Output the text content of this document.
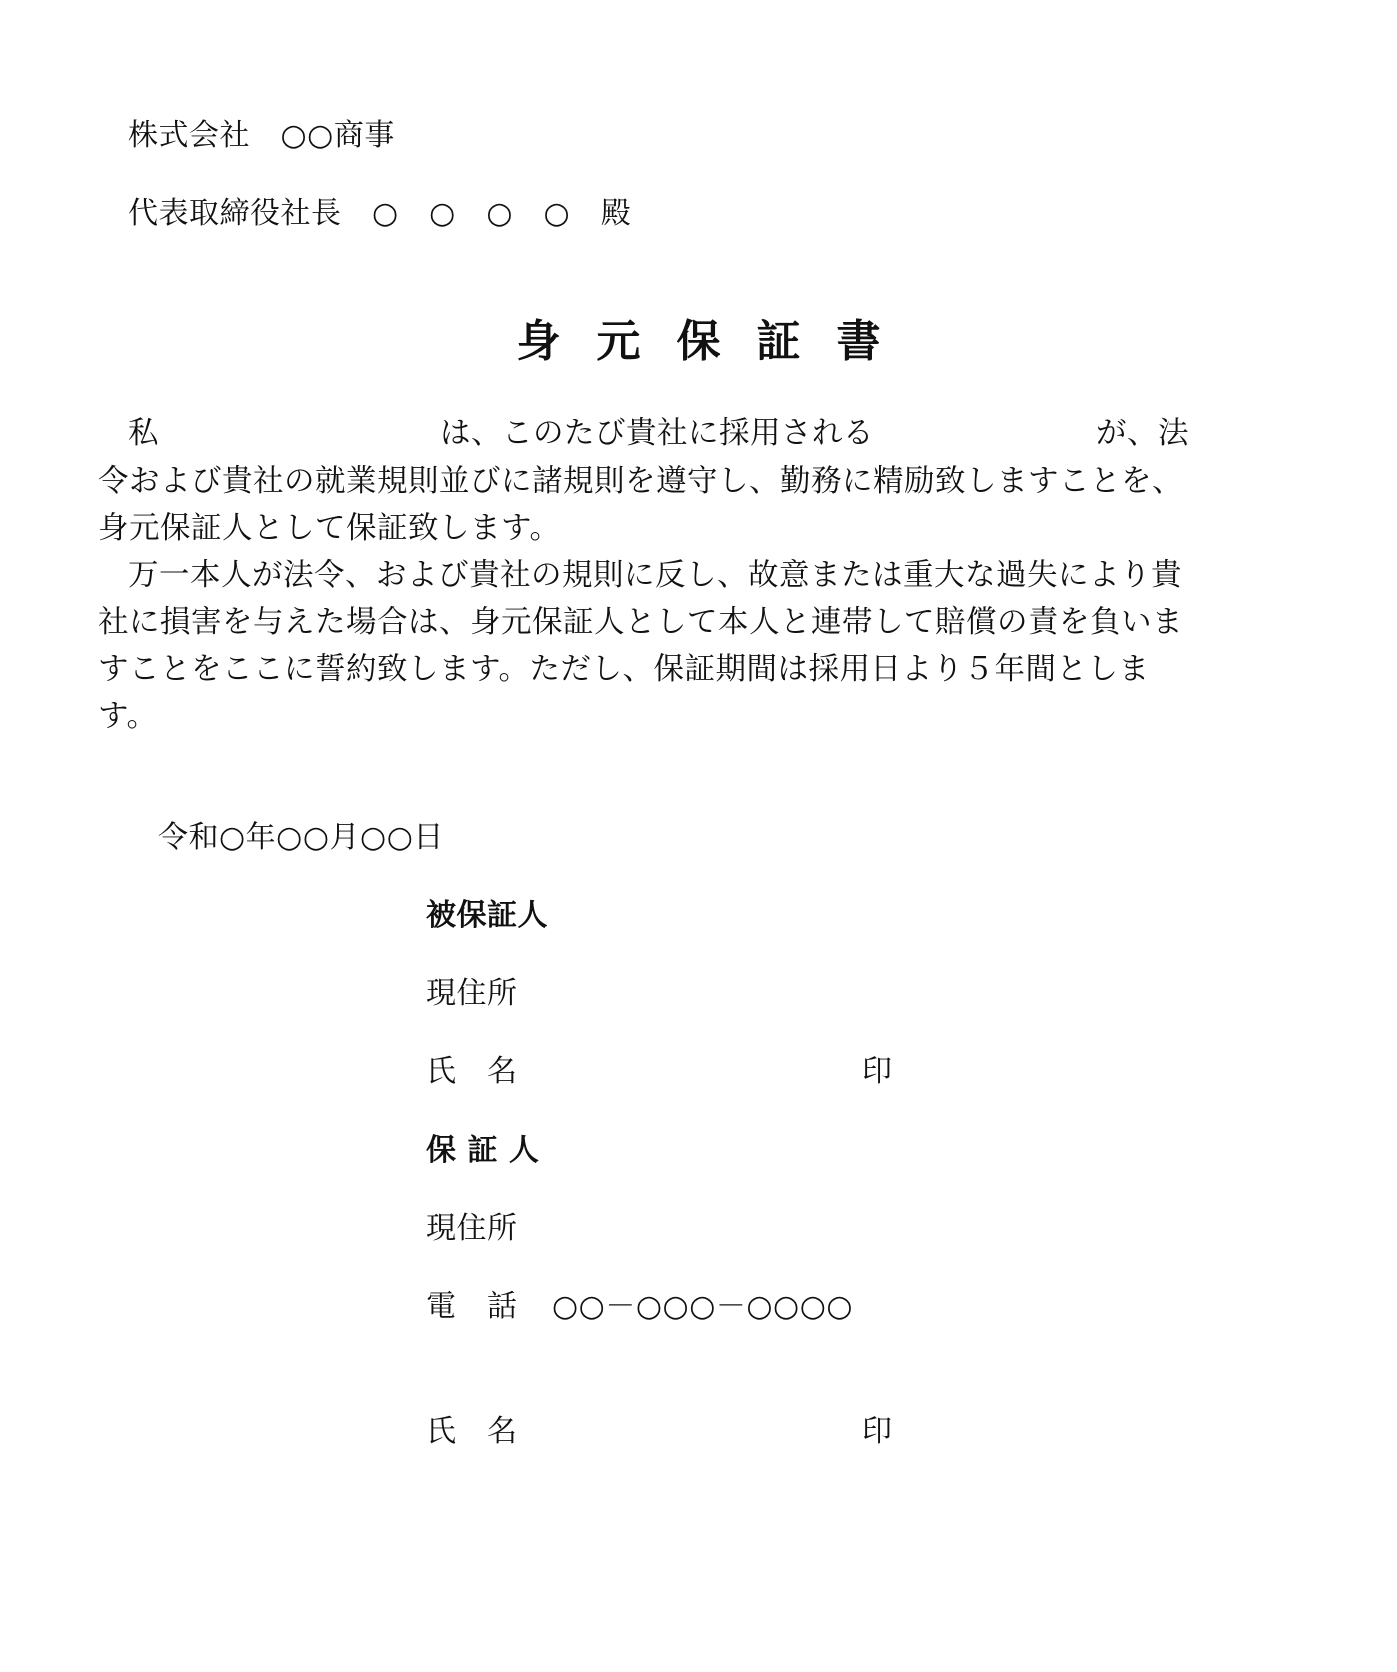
株式会社　○○商事
代表取締役社長　○　○　○　○　殿
身 元 保 証 書
私	は、このたび貴社に採用される	が、法
令および貴社の就業規則並びに諸規則を遵守し、勤務に精励致しますことを、
身元保証人として保証致します。
万一本人が法令、および貴社の規則に反し、故意または重大な過失により貴
社に損害を与えた場合は、身元保証人として本人と連帯して賠償の責を負いま
すことをここに誓約致します。ただし、保証期間は採用日より５年間としま
す。
令和○年○○月○○日
被保証人
現住所
氏　名	印
保 証 人
現住所
電　話 ○○－○○○－○○○○
氏　名	印
